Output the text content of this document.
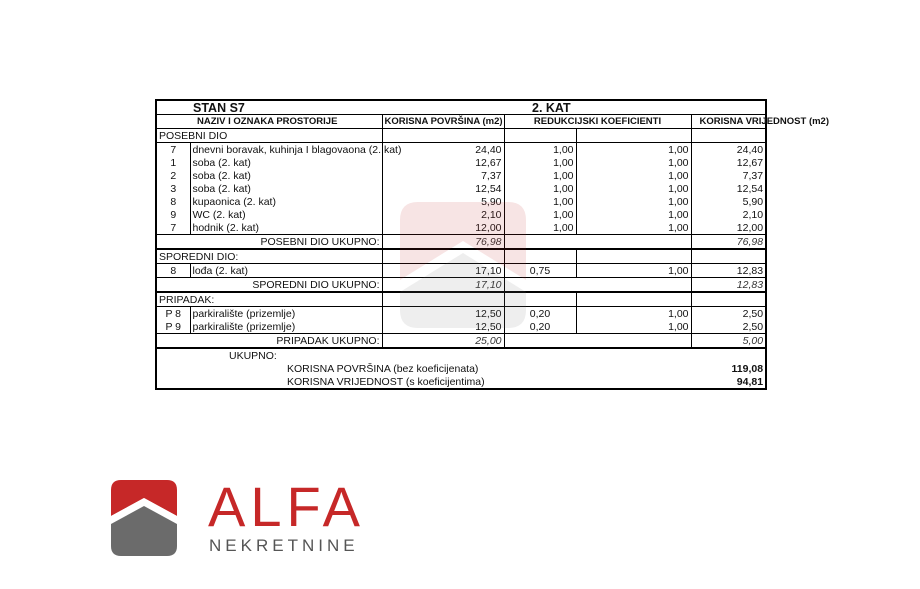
STAN S7		2. KAT			
NAZIV I OZNAKA PROSTORIJE		KORISNA POVRŠINA (m2)	REDUKCIJSKI KOEFICIENTI		KORISNA VRIJEDNOST (m2)
POSEBNI DIO					
7	dnevni boravak, kuhinja I blagovaona (2. kat)	24,40	1,00	1,00	24,40
1	soba (2. kat)	12,67	1,00	1,00	12,67
2	soba (2. kat)	7,37	1,00	1,00	7,37
3	soba (2. kat)	12,54	1,00	1,00	12,54
8	kupaonica (2. kat)	5,90	1,00	1,00	5,90
9	WC (2. kat)	2,10	1,00	1,00	2,10
7	hodnik (2. kat)	12,00	1,00	1,00	12,00
POSEBNI DIO UKUPNO:		76,98			76,98
SPOREDNI DIO:					
8	lođa (2. kat)	17,10	0,75	1,00	12,83
SPOREDNI DIO UKUPNO:		17,10			12,83
PRIPADAK:					
P 8	parkiralište (prizemlje)	12,50	0,20	1,00	2,50
P 9	parkiralište (prizemlje)	12,50	0,20	1,00	2,50
PRIPADAK UKUPNO:		25,00			5,00
UKUPNO:					
KORISNA POVRŠINA (bez koeficijenata)					119,08
KORISNA VRIJEDNOST (s koeficijentima)					94,81
ALFA
NEKRETNINE
